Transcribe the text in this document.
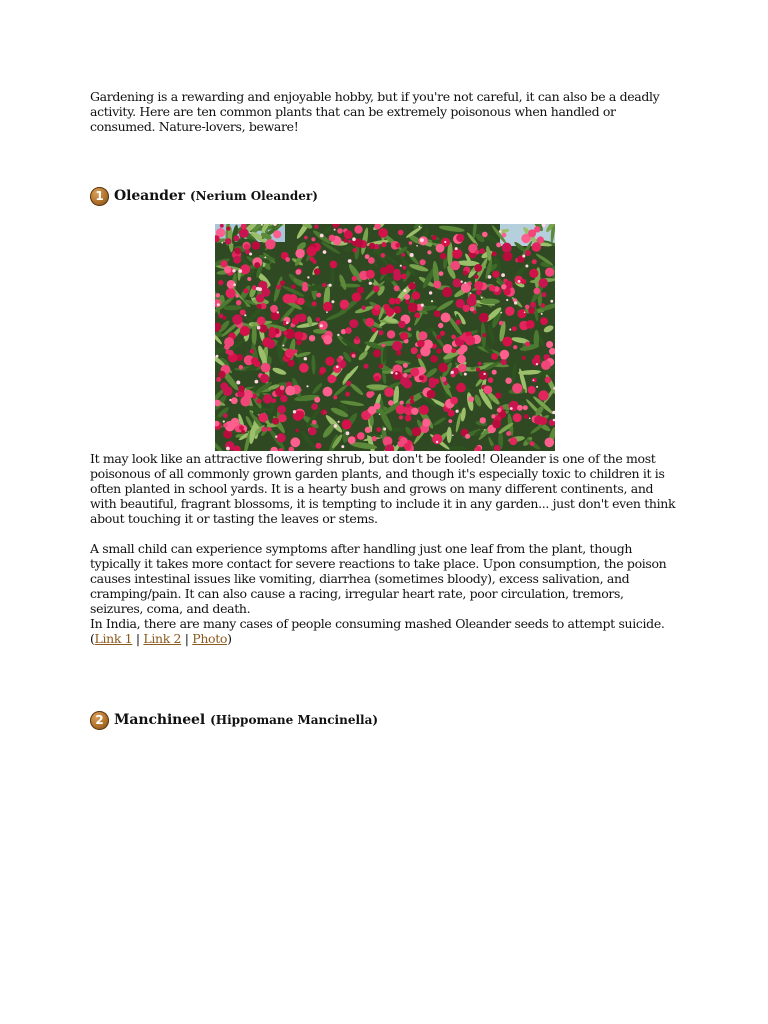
Gardening is a rewarding and enjoyable hobby, but if you're not careful, it can also be a deadly activity. Here are ten common plants that can be extremely poisonous when handled or consumed. Nature-lovers, beware!

1 Oleander (Nerium Oleander)

It may look like an attractive flowering shrub, but don't be fooled! Oleander is one of the most poisonous of all commonly grown garden plants, and though it's especially toxic to children it is often planted in school yards. It is a hearty bush and grows on many different continents, and with beautiful, fragrant blossoms, it is tempting to include it in any garden... just don't even think about touching it or tasting the leaves or stems.

A small child can experience symptoms after handling just one leaf from the plant, though typically it takes more contact for severe reactions to take place. Upon consumption, the poison causes intestinal issues like vomiting, diarrhea (sometimes bloody), excess salivation, and cramping/pain. It can also cause a racing, irregular heart rate, poor circulation, tremors, seizures, coma, and death.

In India, there are many cases of people consuming mashed Oleander seeds to attempt suicide. (Link 1 | Link 2 | Photo)

2 Manchineel (Hippomane Mancinella)
